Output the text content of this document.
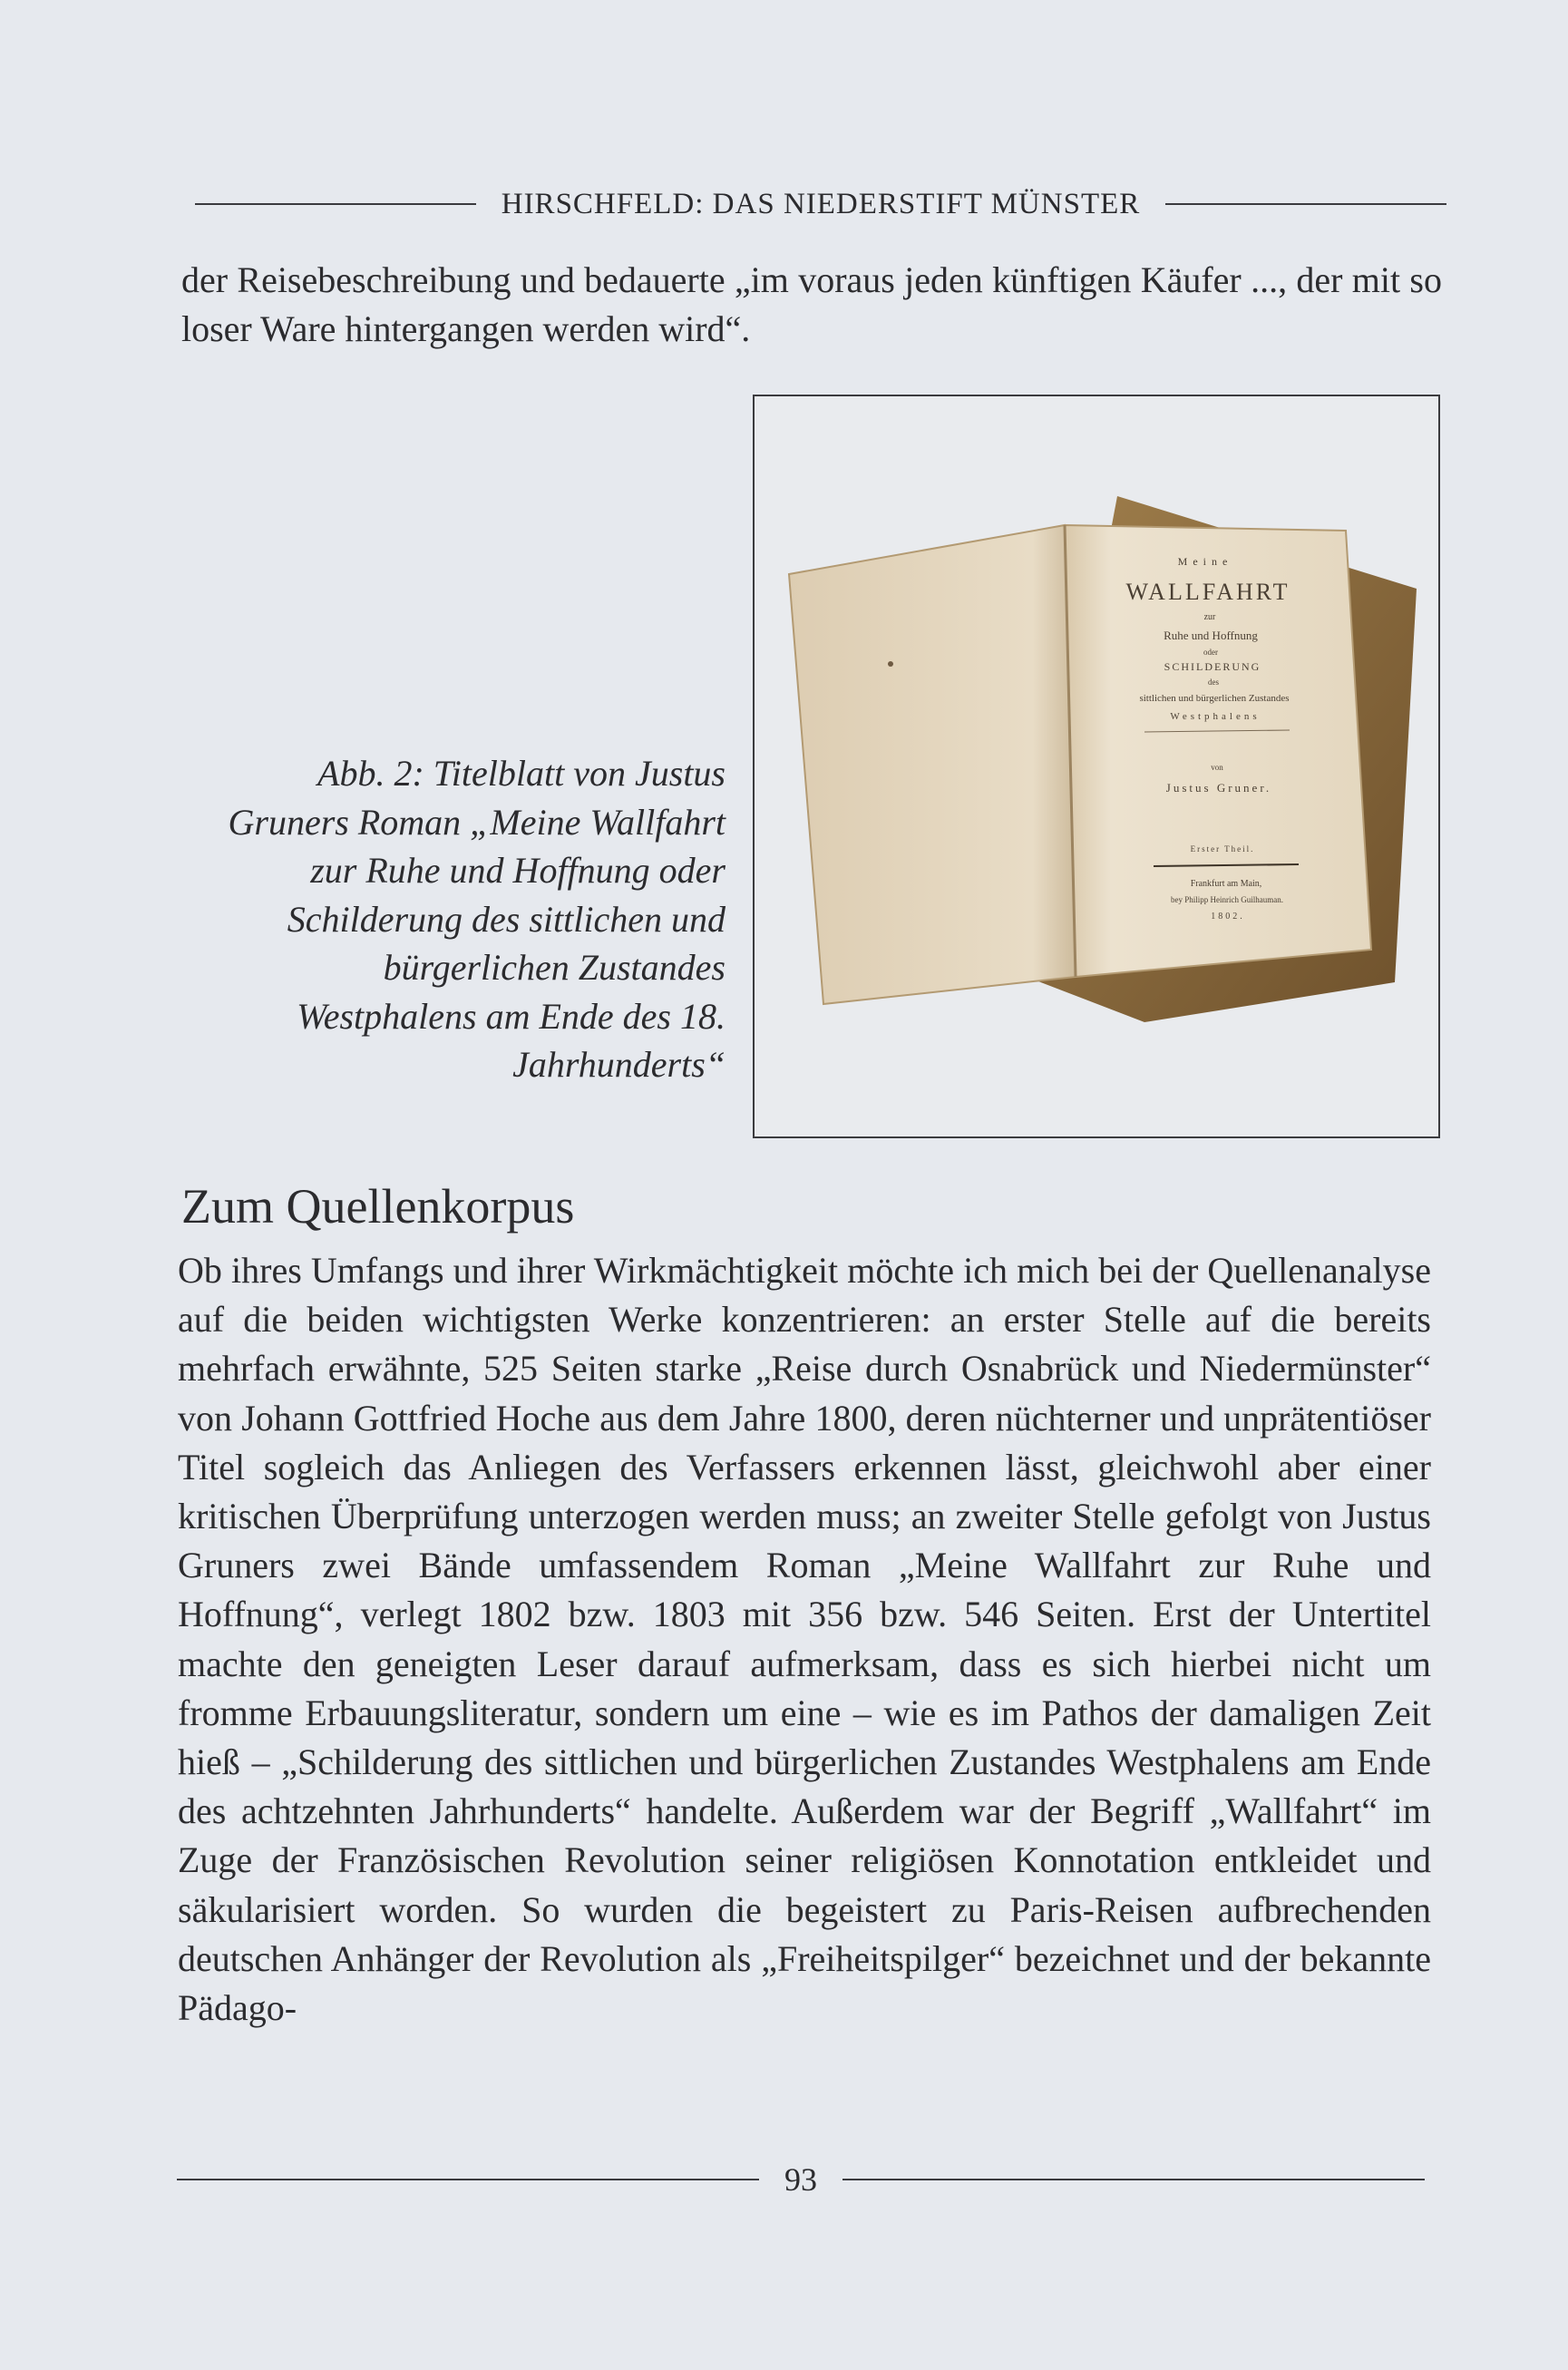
HIRSCHFELD: DAS NIEDERSTIFT MÜNSTER

der Reisebeschreibung und bedauerte „im voraus jeden künftigen Käufer ..., der mit so loser Ware hintergangen werden wird“.

Meine
WALLFAHRT
zur
Ruhe und Hoffnung
oder
SCHILDERUNG
des
sittlichen und bürgerlichen Zustandes
Westphalens
von
Justus Gruner.
Erster Theil.
Frankfurt am Main,
bey Philipp Heinrich Guilhauman.
1802.

Abb. 2: Titelblatt von Justus Gruners Roman „Meine Wallfahrt zur Ruhe und Hoffnung oder Schilderung des sittlichen und bürgerlichen Zustandes Westphalens am Ende des 18. Jahrhunderts“

Zum Quellenkorpus

Ob ihres Umfangs und ihrer Wirkmächtigkeit möchte ich mich bei der Quellenanalyse auf die beiden wichtigsten Werke konzentrieren: an erster Stelle auf die bereits mehrfach erwähnte, 525 Seiten starke „Reise durch Osnabrück und Niedermünster“ von Johann Gottfried Hoche aus dem Jahre 1800, deren nüchterner und unprätentiöser Titel sogleich das Anliegen des Verfassers erkennen lässt, gleichwohl aber einer kritischen Überprüfung unterzogen werden muss; an zweiter Stelle gefolgt von Justus Gruners zwei Bände umfassendem Roman „Meine Wallfahrt zur Ruhe und Hoffnung“, verlegt 1802 bzw. 1803 mit 356 bzw. 546 Seiten. Erst der Untertitel machte den geneigten Leser darauf aufmerksam, dass es sich hierbei nicht um fromme Erbauungsliteratur, sondern um eine – wie es im Pathos der damaligen Zeit hieß – „Schilderung des sittlichen und bürgerlichen Zustandes Westphalens am Ende des achtzehnten Jahrhunderts“ handelte. Außerdem war der Begriff „Wallfahrt“ im Zuge der Französischen Revolution seiner religiösen Konnotation entkleidet und säkularisiert worden. So wurden die begeistert zu Paris-Reisen aufbrechenden deutschen Anhänger der Revolution als „Freiheitspilger“ bezeichnet und der bekannte Pädago-

93
